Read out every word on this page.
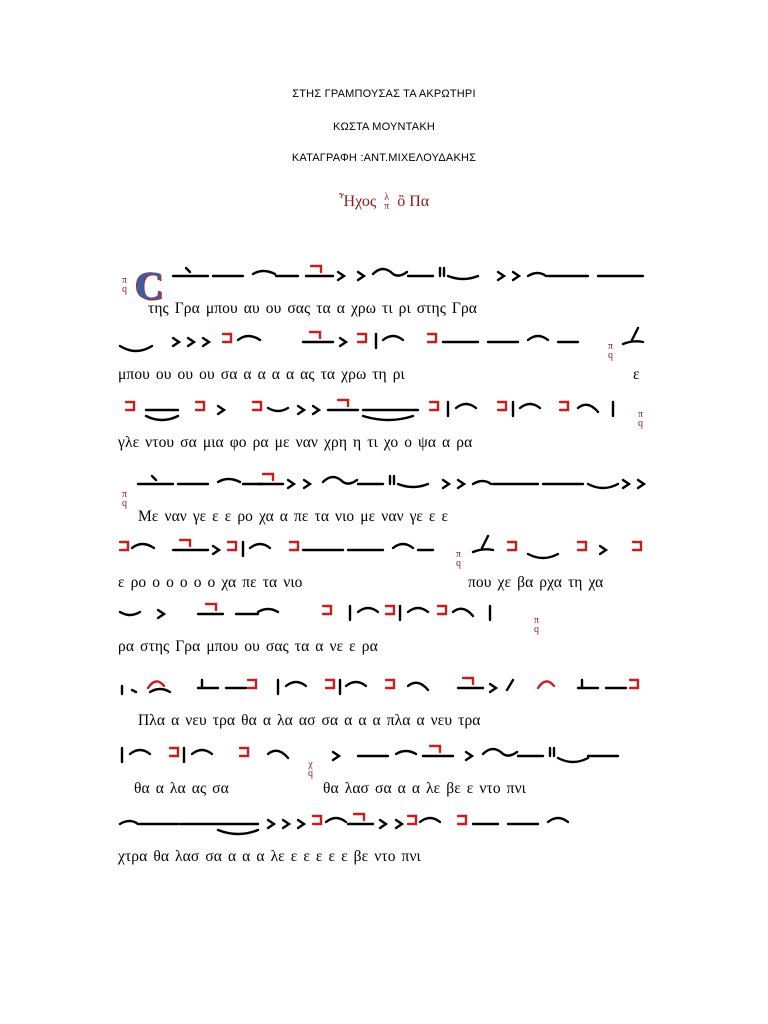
ΣΤΗΣ ΓΡΑΜΠΟΥΣΑΣ ΤΑ ΑΚΡΩΤΗΡΙ
ΚΩΣΤΑ ΜΟΥΝΤΑΚΗ
ΚΑΤΑΓΡΑΦΗ :ΑΝΤ.ΜΙΧΕΛΟΥΔΑΚΗΣ
Ἦχος λ
π ὂ Πα
π
q C
της Γρα μπου αυ ου σας τα α χρω τι ρι στης Γρα
μπου ου ου ου σα α α α α ας τα χρω τη ρι
π
q
ε
γλε ντου σα μια φο ρα με ναν χρη η τι χο ο ψα α ρα
π
q
Με ναν γε ε ε ρο χα α πε τα νιο με ναν γε ε ε
π
q
ε ρο ο ο ο ο ο χα πε τα νιο
π
q
που χε βα ρχα τη χα
ρα στης Γρα μπου ου σας τα α νε ε ρα
π
q
Πλα α νευ τρα θα α λα ασ σα α α α πλα α νευ τρα
θα α λα ας σα
χ
q
θα λασ σα α α λε βε ε ντο πνι
χτρα θα λασ σα α α α λε ε ε ε ε ε βε ντο πνι
